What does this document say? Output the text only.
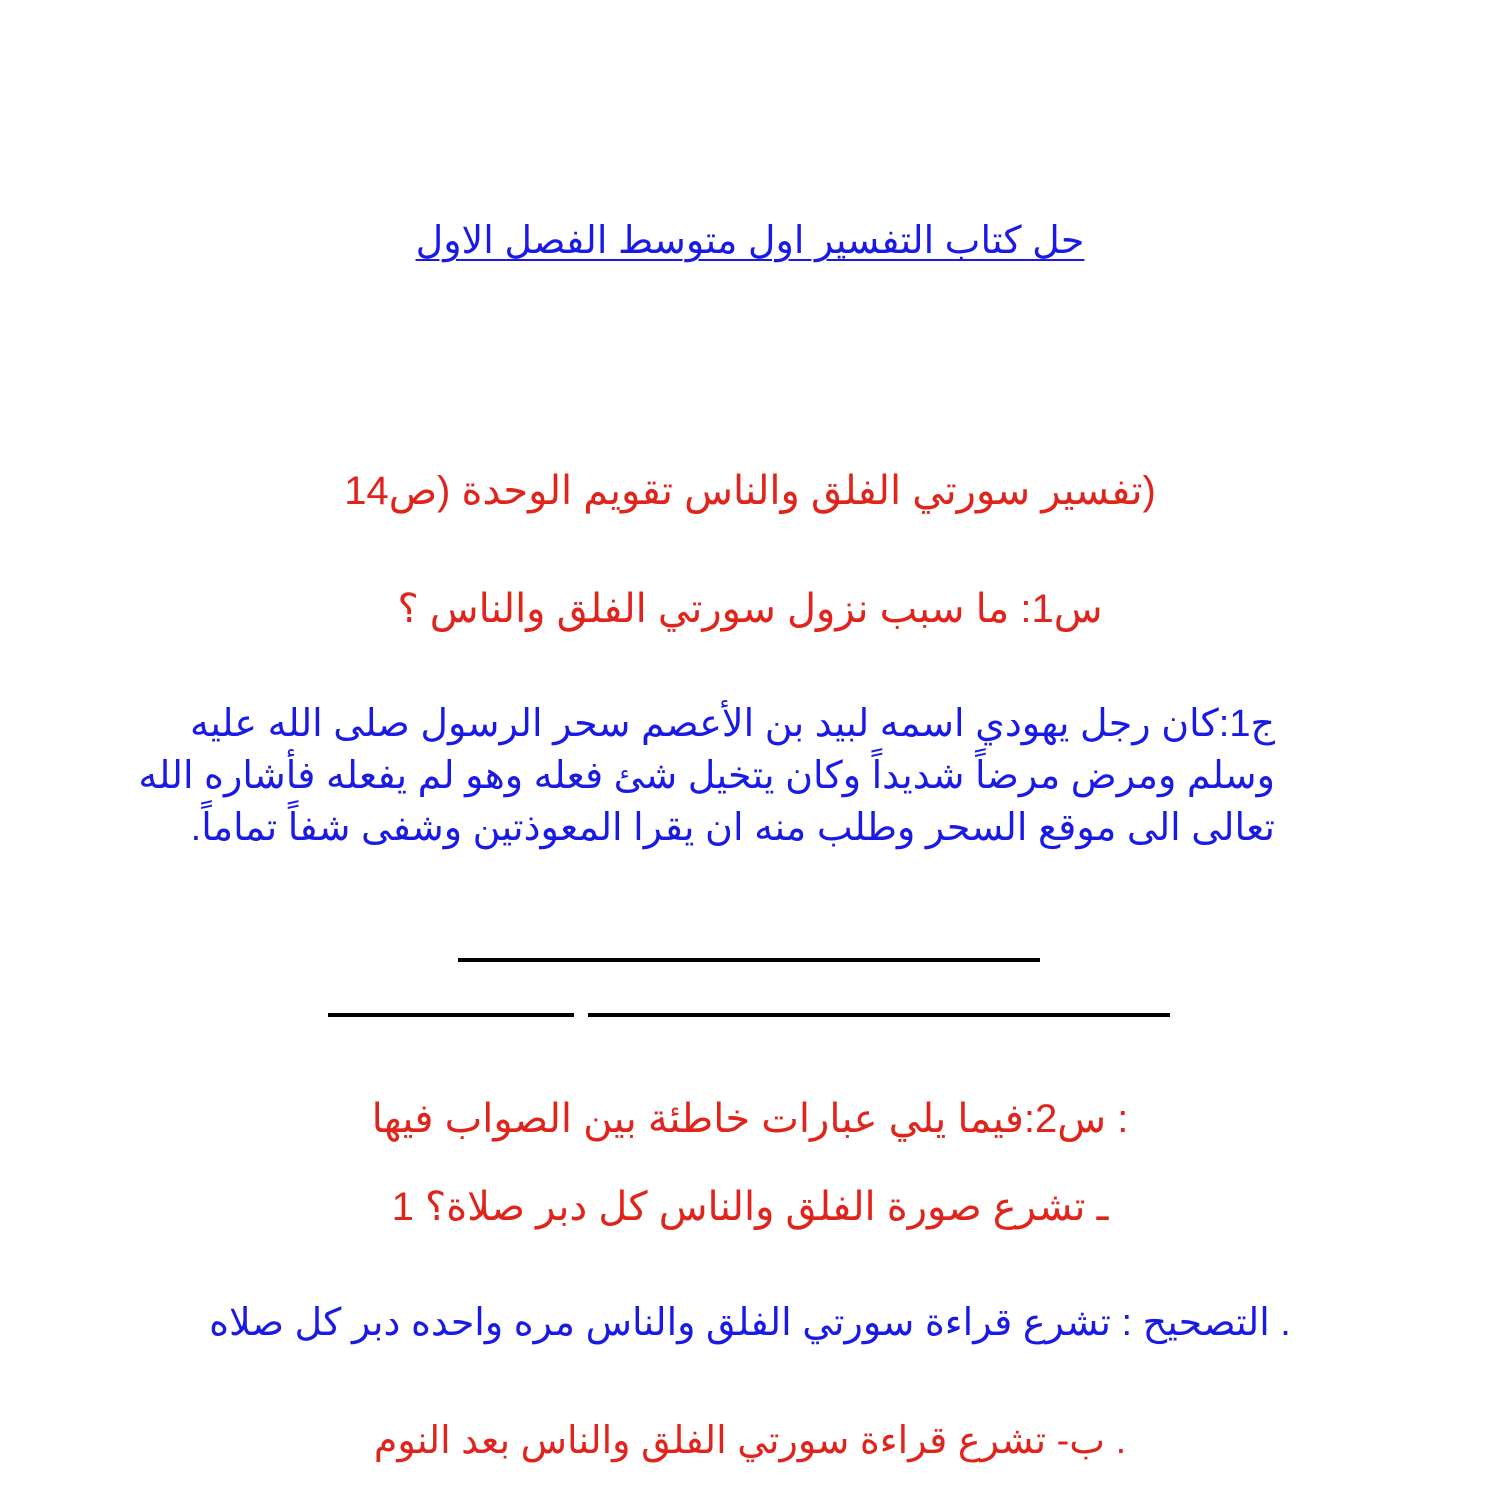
حل كتاب التفسير اول متوسط الفصل الاول
(تفسير سورتي الفلق والناس تقويم الوحدة (ص14
س1: ما سبب نزول سورتي الفلق والناس ؟
ج1:كان رجل يهودي اسمه لبيد بن الأعصم سحر الرسول صلى الله عليه
وسلم ومرض مرضاً شديداً وكان يتخيل شئ فعله وهو لم يفعله فأشاره الله
تعالى الى موقع السحر وطلب منه ان يقرا المعوذتين وشفى شفاً تماماً.
: س2:فيما يلي عبارات خاطئة بين الصواب فيها
ـ تشرع صورة الفلق والناس كل دبر صلاة؟ 1
. التصحيح : تشرع قراءة سورتي الفلق والناس مره واحده دبر كل صلاه
. ب- تشرع قراءة سورتي الفلق والناس بعد النوم
